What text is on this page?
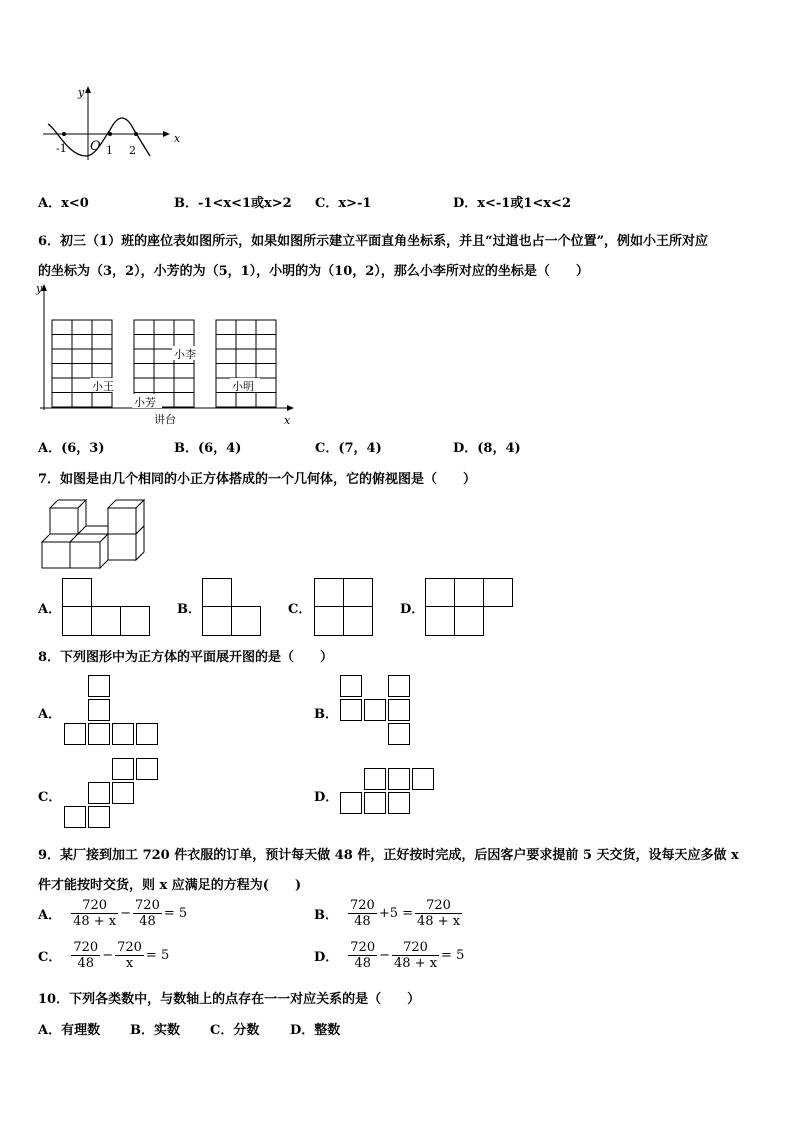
y
x
O
-1	1 2
A．x<0	B．-1<x<1或x>2 C．x>-1	D．x<-1或1<x<2
6．初三（1）班的座位表如图所示，如果如图所示建立平面直角坐标系，并且“过道也占一个位置”，例如小王所对应
的坐标为（3，2），小芳的为（5，1），小明的为（10，2），那么小李所对应的坐标是（　　）
y
x
小王
小芳
小李
小明
讲台
A．(6，3)	B．(6，4)	C．(7，4)	D．(8，4)
7．如图是由几个相同的小正方体搭成的一个几何体，它的俯视图是（　　）
A．	B．	C．	D．
8．下列图形中为正方体的平面展开图的是（　　）
A．	B．
C．	D．
9．某厂接到加工 720 件衣服的订单，预计每天做 48 件，正好按时完成，后因客户要求提前 5 天交货，设每天应多做 x
件才能按时交货，则 x 应满足的方程为(　　)
A． $\frac{720}{48 + x} - \frac{720}{48} = 5$	B． $\frac{720}{48} +5 = \frac{720}{48 + x}$
C． $\frac{720}{48} - \frac{720}{x} = 5$	D． $\frac{720}{48} - \frac{720}{48 + x} = 5$
10．下列各类数中，与数轴上的点存在一一对应关系的是（　　）
A．有理数 B．实数 C．分数 D．整数
